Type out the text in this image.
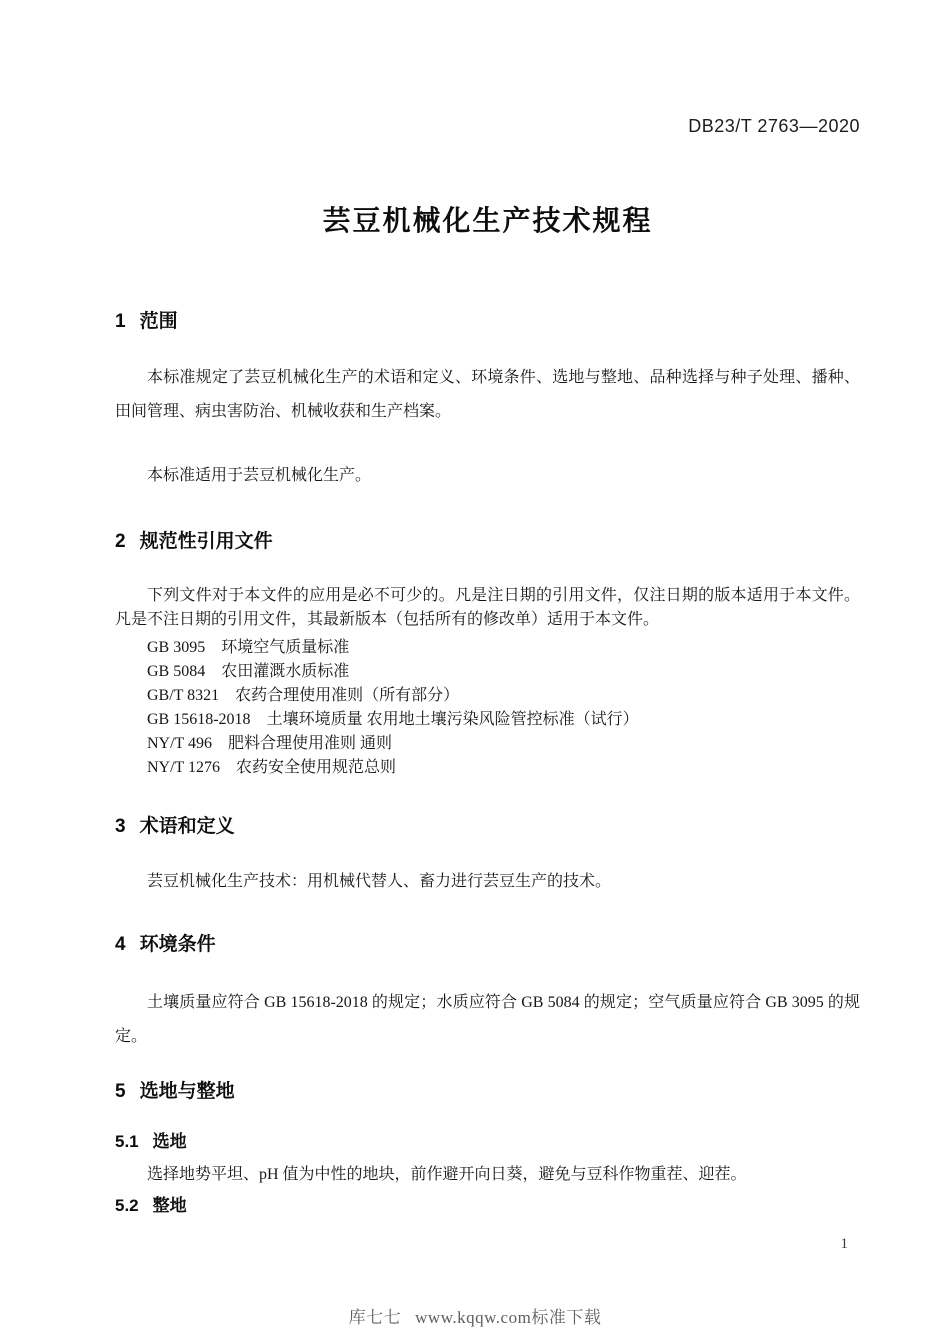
DB23/T 2763—2020
芸豆机械化生产技术规程
1 范围

本标准规定了芸豆机械化生产的术语和定义、环境条件、选地与整地、品种选择与种子处理、播种、田间管理、病虫害防治、机械收获和生产档案。

本标准适用于芸豆机械化生产。

2 规范性引用文件

下列文件对于本文件的应用是必不可少的。凡是注日期的引用文件，仅注日期的版本适用于本文件。凡是不注日期的引用文件，其最新版本（包括所有的修改单）适用于本文件。

GB 3095 环境空气质量标准
GB 5084 农田灌溉水质标准
GB/T 8321 农药合理使用准则（所有部分）
GB 15618-2018 土壤环境质量 农用地土壤污染风险管控标准（试行）
NY/T 496 肥料合理使用准则 通则
NY/T 1276 农药安全使用规范总则
3 术语和定义

芸豆机械化生产技术：用机械代替人、畜力进行芸豆生产的技术。

4 环境条件

土壤质量应符合 GB 15618-2018 的规定；水质应符合 GB 5084 的规定；空气质量应符合 GB 3095 的规定。

5 选地与整地
5.1 选地

选择地势平坦、pH 值为中性的地块，前作避开向日葵，避免与豆科作物重茬、迎茬。

5.2 整地
1
库七七 www.kqqw.com标准下载
